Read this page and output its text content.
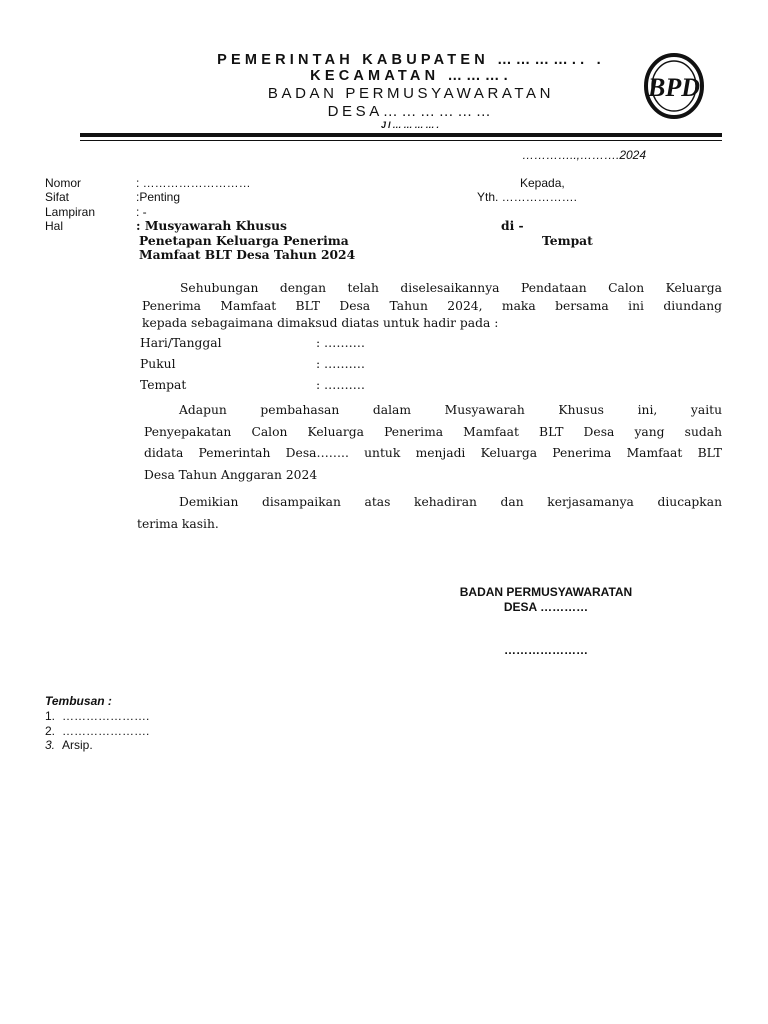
PEMERINTAH KABUPATEN ………….. .
KECAMATAN ……….
BADAN PERMUSYAWARATAN
DESA………………
Jl………….
BPD
…………..,……….2024
Nomor	: ………………………
Sifat	:Penting
Lampiran	: -
Hal	: Musyawarah Khusus
Penetapan Keluarga Penerima
Mamfaat BLT Desa Tahun 2024
Kepada,
Yth. ……………….
di -
Tempat
Sehubungan dengan telah diselesaikannya Pendataan Calon Keluarga
Penerima Mamfaat BLT Desa Tahun 2024, maka bersama ini diundang
kepada sebagaimana dimaksud diatas untuk hadir pada :
Hari/Tanggal	: ……….
Pukul	: ……….
Tempat	: ……….
Adapun pembahasan dalam Musyawarah Khusus ini, yaitu
Penyepakatan Calon Keluarga Penerima Mamfaat BLT Desa yang sudah
didata Pemerintah Desa…….. untuk menjadi Keluarga Penerima Mamfaat BLT
Desa Tahun Anggaran 2024
Demikian disampaikan atas kehadiran dan kerjasamanya diucapkan
terima kasih.
BADAN PERMUSYAWARATAN
DESA …………
…………………
Tembusan :
1. ………………….
2. ………………….
3. Arsip.
